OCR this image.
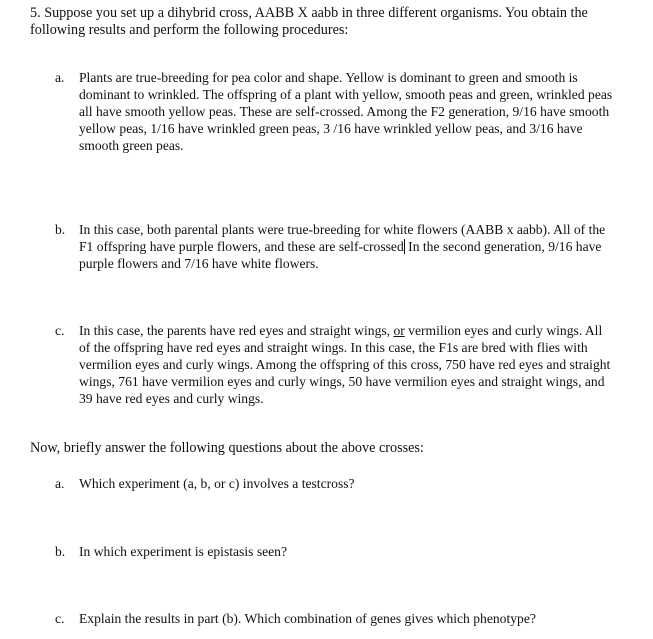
5. Suppose you set up a dihybrid cross, AABB X aabb in three different organisms. You obtain the following results and perform the following procedures:

a.	Plants are true-breeding for pea color and shape. Yellow is dominant to green and smooth is dominant to wrinkled. The offspring of a plant with yellow, smooth peas and green, wrinkled peas all have smooth yellow peas. These are self-crossed. Among the F2 generation, 9/16 have smooth yellow peas, 1/16 have wrinkled green peas, 3 /16 have wrinkled yellow peas, and 3/16 have smooth green peas.
b.	In this case, both parental plants were true-breeding for white flowers (AABB x aabb). All of the F1 offspring have purple flowers, and these are self-crossed In the second generation, 9/16 have purple flowers and 7/16 have white flowers.
c.	In this case, the parents have red eyes and straight wings, or vermilion eyes and curly wings. All of the offspring have red eyes and straight wings. In this case, the F1s are bred with flies with vermilion eyes and curly wings. Among the offspring of this cross, 750 have red eyes and straight wings, 761 have vermilion eyes and curly wings, 50 have vermilion eyes and straight wings, and 39 have red eyes and curly wings.

Now, briefly answer the following questions about the above crosses:

a.	Which experiment (a, b, or c) involves a testcross?
b.	In which experiment is epistasis seen?
c.	Explain the results in part (b). Which combination of genes gives which phenotype?
